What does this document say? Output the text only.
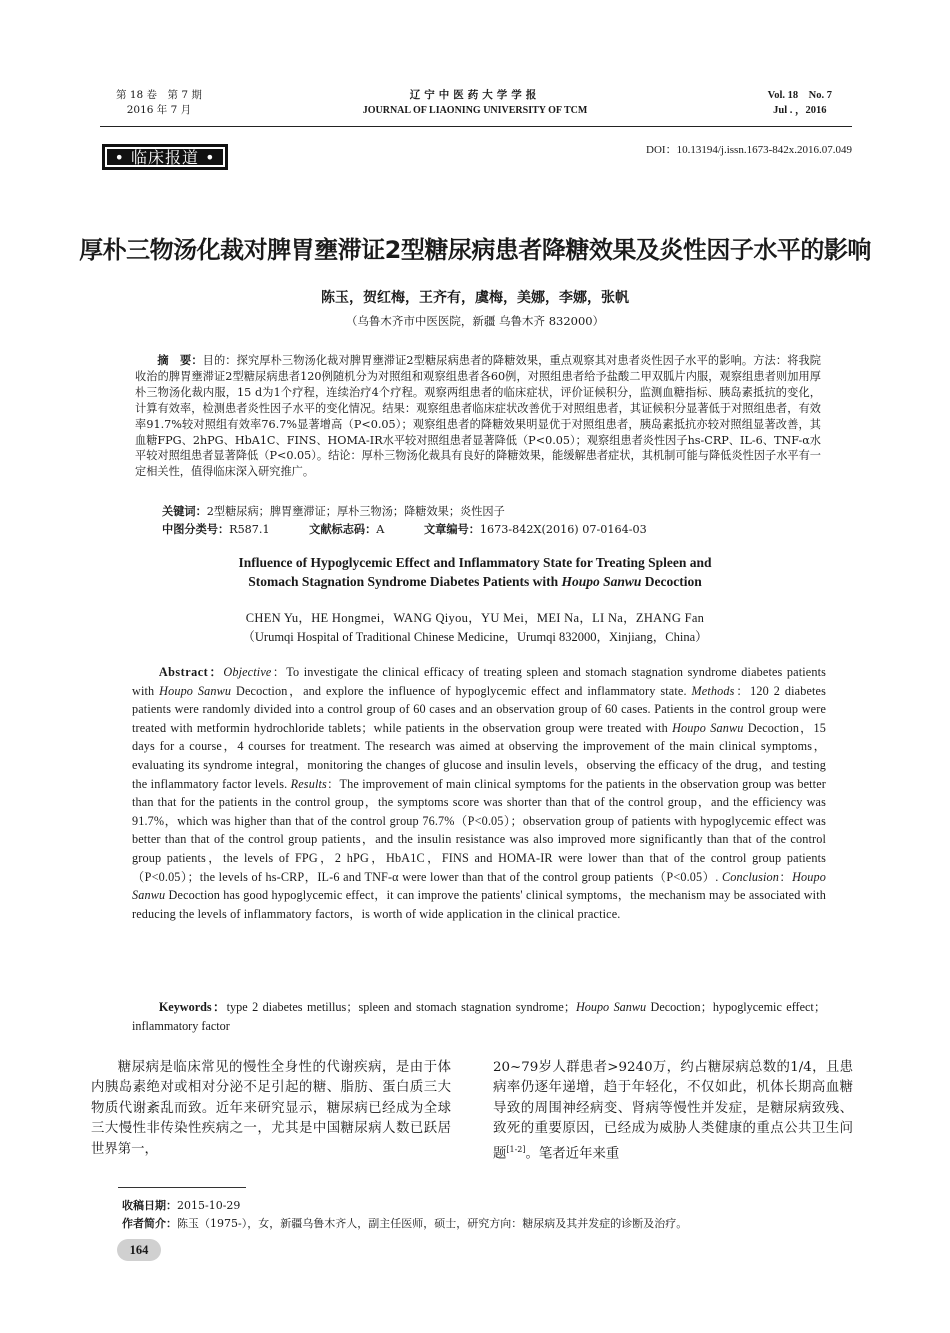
第 18 卷　第 7 期
2016 年 7 月
辽宁中医药大学学报
JOURNAL OF LIAONING UNIVERSITY OF TCM
Vol. 18　No. 7
Jul . ，2016
• 临床报道 •	DOI：10.13194/j.issn.1673-842x.2016.07.049
厚朴三物汤化裁对脾胃壅滞证2型糖尿病患者降糖效果及炎性因子水平的影响
陈玉，贺红梅，王齐有，虞梅，美娜，李娜，张帆
（乌鲁木齐市中医医院，新疆 乌鲁木齐 832000）
摘　要：目的：探究厚朴三物汤化裁对脾胃壅滞证2型糖尿病患者的降糖效果，重点观察其对患者炎性因子水平的影响。方法：将我院收治的脾胃壅滞证2型糖尿病患者120例随机分为对照组和观察组患者各60例，对照组患者给予盐酸二甲双胍片内服，观察组患者则加用厚朴三物汤化裁内服，15 d为1个疗程，连续治疗4个疗程。观察两组患者的临床症状，评价证候积分，监测血糖指标、胰岛素抵抗的变化，计算有效率，检测患者炎性因子水平的变化情况。结果：观察组患者临床症状改善优于对照组患者，其证候积分显著低于对照组患者，有效率91.7%较对照组有效率76.7%显著增高（P<0.05）；观察组患者的降糖效果明显优于对照组患者，胰岛素抵抗亦较对照组显著改善，其血糖FPG、2hPG、HbA1C、FINS、HOMA-IR水平较对照组患者显著降低（P<0.05）；观察组患者炎性因子hs-CRP、IL-6、TNF-α水平较对照组患者显著降低（P<0.05）。结论：厚朴三物汤化裁具有良好的降糖效果，能缓解患者症状，其机制可能与降低炎性因子水平有一定相关性，值得临床深入研究推广。
关键词：2型糖尿病；脾胃壅滞证；厚朴三物汤；降糖效果；炎性因子
中图分类号：R587.1	文献标志码：A	文章编号：1673-842X(2016) 07-0164-03
Influence of Hypoglycemic Effect and Inflammatory State for Treating Spleen and
Stomach Stagnation Syndrome Diabetes Patients with Houpo Sanwu Decoction
CHEN Yu，HE Hongmei，WANG Qiyou，YU Mei，MEI Na，LI Na，ZHANG Fan
（Urumqi Hospital of Traditional Chinese Medicine，Urumqi 832000，Xinjiang，China）
Abstract：Objective：To investigate the clinical efficacy of treating spleen and stomach stagnation syndrome diabetes patients with Houpo Sanwu Decoction，and explore the influence of hypoglycemic effect and inflammatory state. Methods：120 2 diabetes patients were randomly divided into a control group of 60 cases and an observation group of 60 cases. Patients in the control group were treated with metformin hydrochloride tablets；while patients in the observation group were treated with Houpo Sanwu Decoction，15 days for a course，4 courses for treatment. The research was aimed at observing the improvement of the main clinical symptoms，evaluating its syndrome integral，monitoring the changes of glucose and insulin levels，observing the efficacy of the drug，and testing the inflammatory factor levels. Results：The improvement of main clinical symptoms for the patients in the observation group was better than that for the patients in the control group，the symptoms score was shorter than that of the control group，and the efficiency was 91.7%，which was higher than that of the control group 76.7%（P<0.05）；observation group of patients with hypoglycemic effect was better than that of the control group patients，and the insulin resistance was also improved more significantly than that of the control group patients，the levels of FPG，2 hPG，HbA1C，FINS and HOMA-IR were lower than that of the control group patients（P<0.05）；the levels of hs-CRP，IL-6 and TNF-α were lower than that of the control group patients（P<0.05）. Conclusion：Houpo Sanwu Decoction has good hypoglycemic effect，it can improve the patients' clinical symptoms，the mechanism may be associated with reducing the levels of inflammatory factors，is worth of wide application in the clinical practice.
Keywords：type 2 diabetes metillus；spleen and stomach stagnation syndrome；Houpo Sanwu Decoction；hypoglycemic effect；inflammatory factor
糖尿病是临床常见的慢性全身性的代谢疾病，是由于体内胰岛素绝对或相对分泌不足引起的糖、脂肪、蛋白质三大物质代谢紊乱而致。近年来研究显示，糖尿病已经成为全球三大慢性非传染性疾病之一，尤其是中国糖尿病人数已跃居世界第一，
20~79岁人群患者>9240万，约占糖尿病总数的1/4，且患病率仍逐年递增，趋于年轻化，不仅如此，机体长期高血糖导致的周围神经病变、肾病等慢性并发症，是糖尿病致残、致死的重要原因，已经成为威胁人类健康的重点公共卫生问题[1-2]。笔者近年来重
收稿日期：2015-10-29
作者简介：陈玉（1975-），女，新疆乌鲁木齐人，副主任医师，硕士，研究方向：糖尿病及其并发症的诊断及治疗。
164
